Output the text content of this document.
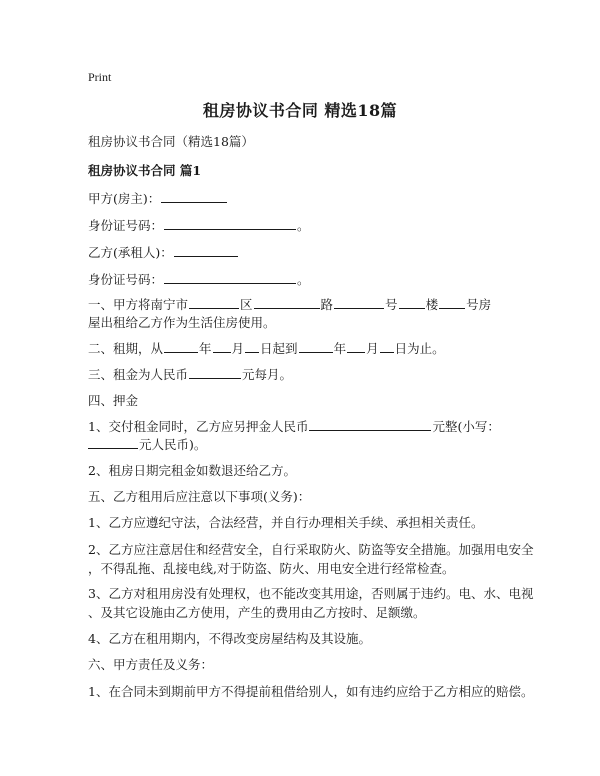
Print
租房协议书合同 精选18篇
租房协议书合同（精选18篇）
租房协议书合同 篇1
甲方(房主)：
身份证号码：	。
乙方(承租人)：
身份证号码：	。
一、甲方将南宁市	区	路	号 楼 号房
屋出租给乙方作为生活住房使用。
二、租期，从	年 月 日起到	年 月 日为止。
三、租金为人民币	元每月。
四、押金
1、交付租金同时，乙方应另押金人民币	元整(小写：
元人民币)。
2、租房日期完租金如数退还给乙方。
五、乙方租用后应注意以下事项(义务)：
1、乙方应遵纪守法，合法经营，并自行办理相关手续、承担相关责任。
2、乙方应注意居住和经营安全，自行采取防火、防盗等安全措施。加强用电安全
，不得乱拖、乱接电线,对于防盗、防火、用电安全进行经常检查。
3、乙方对租用房没有处理权，也不能改变其用途，否则属于违约。电、水、电视
、及其它设施由乙方使用，产生的费用由乙方按时、足额缴。
4、乙方在租用期内，不得改变房屋结构及其设施。
六、甲方责任及义务：
1、在合同未到期前甲方不得提前租借给别人，如有违约应给于乙方相应的赔偿。
